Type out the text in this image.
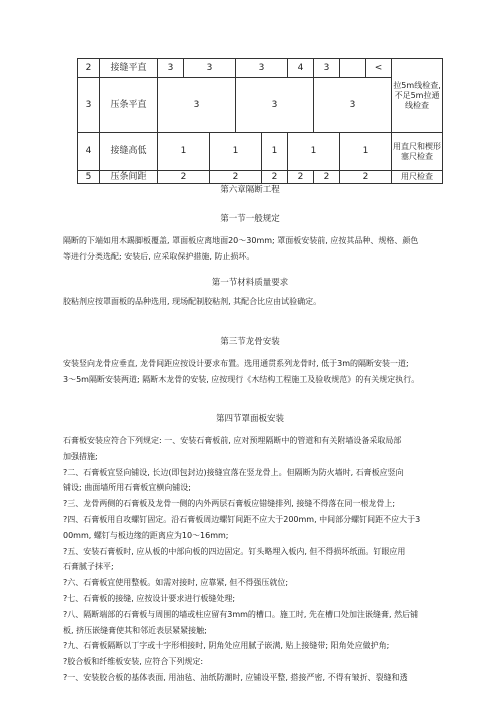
2	接缝平直	3	3		3		4	3		<	拉5m线检查, 不足5m拉通线检查
3	压条平直	3			3			3			
4	接缝高低	1		1		1	1		1		用直尺和楔形塞尺检查
5	压条间距	2		2		2	2	2	2		用尺检查
第六章隔断工程
第一节一般规定
隔断的下端如用木踢脚板覆盖, 罩面板应离地面20～30mm; 罩面板安装前, 应按其品种、规格、颜色
等进行分类选配; 安装后, 应采取保护措施, 防止损坏。
第一节材料质量要求
胶粘剂应按罩面板的品种选用, 现场配制胶粘剂, 其配合比应由试验确定。
第三节龙骨安装
安装竖向龙骨应垂直, 龙骨间距应按设计要求布置。选用通贯系列龙骨时, 低于3m的隔断安装一道;
3～5m隔断安装两道; 隔断木龙骨的安装, 应按现行《木结构工程施工及验收规范》的有关规定执行。
第四节罩面板安装
石膏板安装应符合下列规定: 一、安装石膏板前, 应对预埋隔断中的管道和有关附墙设备采取局部
加强措施;
?二、石膏板宜竖向铺设, 长边(即包封边)接缝宜落在竖龙骨上。但隔断为防火墙时, 石膏板应竖向
铺设; 曲面墙所用石膏板宜横向铺设;
?三、龙骨两侧的石膏板及龙骨一侧的内外两层石膏板应错缝排列, 接缝不得落在同一根龙骨上;
?四、石膏板用自攻螺钉固定。沿石膏板周边螺钉间距不应大于200mm, 中间部分螺钉间距不应大于3
00mm, 螺钉与板边缘的距离应为10～16mm;
?五、安装石膏板时, 应从板的中部向板的四边固定。钉头略埋入板内, 但不得损坏纸面。钉眼应用
石膏腻子抹平;
?六、石膏板宜使用整板。如需对接时, 应靠紧, 但不得强压就位;
?七、石膏板的接缝, 应按设计要求进行板缝处理;
?八、隔断端部的石膏板与周围的墙或柱应留有3mm的槽口。施工时, 先在槽口处加注嵌缝膏, 然后铺
板, 挤压嵌缝膏使其和邻近表层紧紧接触;
?九、石膏板隔断以丁字或十字形相接时, 阴角处应用腻子嵌满, 贴上接缝带; 阳角处应做护角;
?胶合板和纤维板安装, 应符合下列规定:
?一、安装胶合板的基体表面, 用油毡、油纸防潮时, 应铺设平整, 搭接严密, 不得有皱折、裂缝和透
